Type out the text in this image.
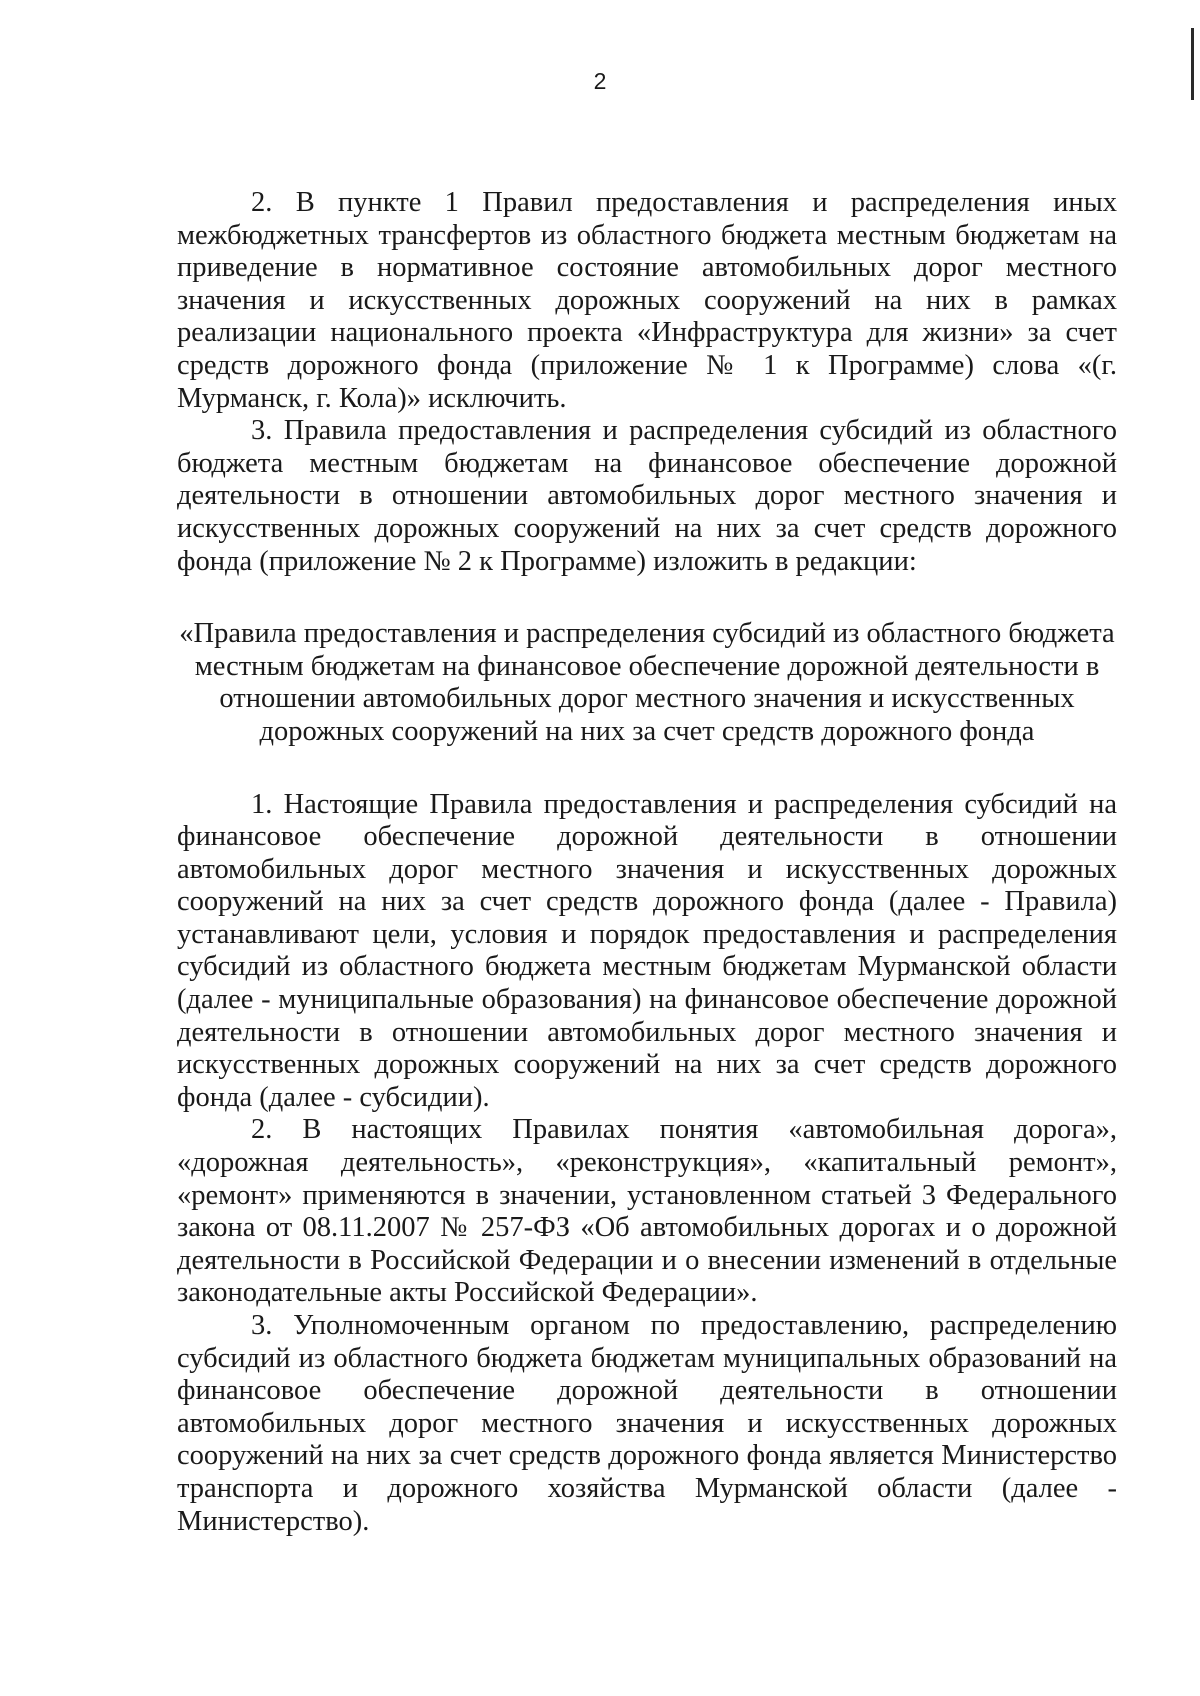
2

2. В пункте 1 Правил предоставления и распределения иных межбюджетных трансфертов из областного бюджета местным бюджетам на приведение в нормативное состояние автомобильных дорог местного значения и искусственных дорожных сооружений на них в рамках реализации национального проекта «Инфраструктура для жизни» за счет средств дорожного фонда (приложение № 1 к Программе) слова «(г. Мурманск, г. Кола)» исключить.

3. Правила предоставления и распределения субсидий из областного бюджета местным бюджетам на финансовое обеспечение дорожной деятельности в отношении автомобильных дорог местного значения и искусственных дорожных сооружений на них за счет средств дорожного фонда (приложение № 2 к Программе) изложить в редакции:

«Правила предоставления и распределения субсидий из областного бюджета
местным бюджетам на финансовое обеспечение дорожной деятельности в
отношении автомобильных дорог местного значения и искусственных
дорожных сооружений на них за счет средств дорожного фонда

1. Настоящие Правила предоставления и распределения субсидий на финансовое обеспечение дорожной деятельности в отношении автомобильных дорог местного значения и искусственных дорожных сооружений на них за счет средств дорожного фонда (далее - Правила) устанавливают цели, условия и порядок предоставления и распределения субсидий из областного бюджета местным бюджетам Мурманской области (далее - муниципальные образования) на финансовое обеспечение дорожной деятельности в отношении автомобильных дорог местного значения и искусственных дорожных сооружений на них за счет средств дорожного фонда (далее - субсидии).

2. В настоящих Правилах понятия «автомобильная дорога», «дорожная деятельность», «реконструкция», «капитальный ремонт», «ремонт» применяются в значении, установленном статьей 3 Федерального закона от 08.11.2007 № 257-ФЗ «Об автомобильных дорогах и о дорожной деятельности в Российской Федерации и о внесении изменений в отдельные законодательные акты Российской Федерации».

3. Уполномоченным органом по предоставлению, распределению субсидий из областного бюджета бюджетам муниципальных образований на финансовое обеспечение дорожной деятельности в отношении автомобильных дорог местного значения и искусственных дорожных сооружений на них за счет средств дорожного фонда является Министерство транспорта и дорожного хозяйства Мурманской области (далее - Министерство).
